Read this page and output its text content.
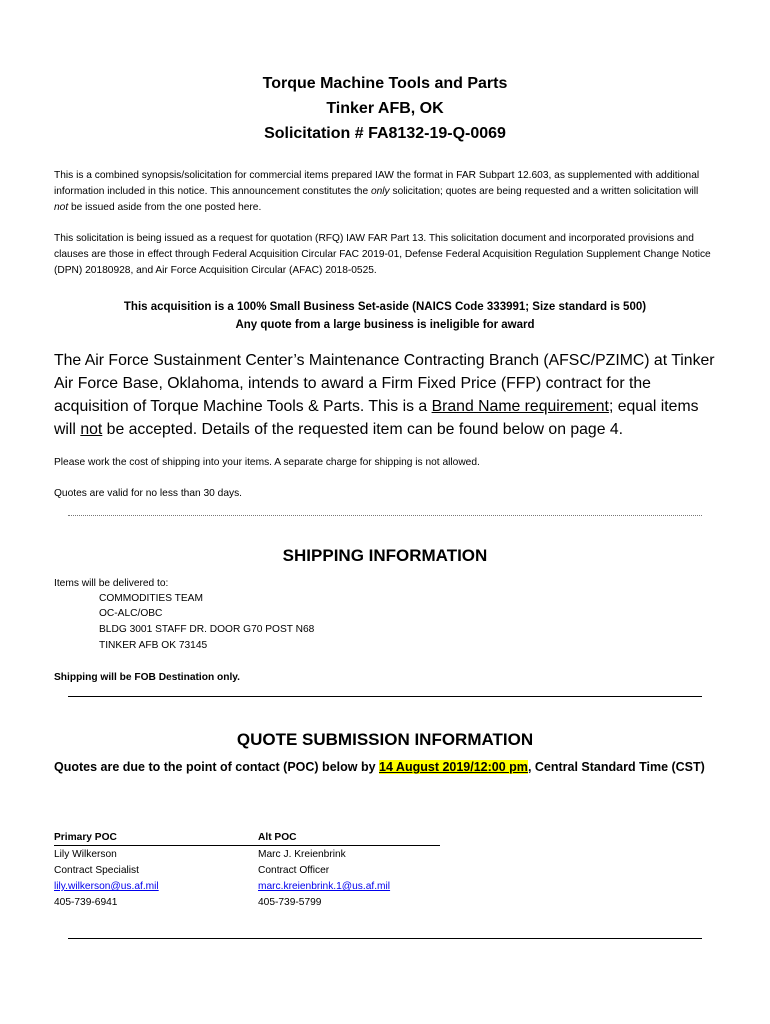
Torque Machine Tools and Parts
Tinker AFB, OK
Solicitation # FA8132-19-Q-0069
This is a combined synopsis/solicitation for commercial items prepared IAW the format in FAR Subpart 12.603, as supplemented with additional information included in this notice. This announcement constitutes the only solicitation; quotes are being requested and a written solicitation will not be issued aside from the one posted here.
This solicitation is being issued as a request for quotation (RFQ) IAW FAR Part 13. This solicitation document and incorporated provisions and clauses are those in effect through Federal Acquisition Circular FAC 2019-01, Defense Federal Acquisition Regulation Supplement Change Notice (DPN) 20180928, and Air Force Acquisition Circular (AFAC) 2018-0525.
This acquisition is a 100% Small Business Set-aside (NAICS Code 333991; Size standard is 500)
Any quote from a large business is ineligible for award
The Air Force Sustainment Center’s Maintenance Contracting Branch (AFSC/PZIMC) at Tinker Air Force Base, Oklahoma, intends to award a Firm Fixed Price (FFP) contract for the acquisition of Torque Machine Tools & Parts. This is a Brand Name requirement; equal items will not be accepted. Details of the requested item can be found below on page 4.
Please work the cost of shipping into your items. A separate charge for shipping is not allowed.
Quotes are valid for no less than 30 days.
SHIPPING INFORMATION
Items will be delivered to:
COMMODITIES TEAM
OC-ALC/OBC
BLDG 3001 STAFF DR. DOOR G70 POST N68
TINKER AFB OK 73145
Shipping will be FOB Destination only.
QUOTE SUBMISSION INFORMATION
Quotes are due to the point of contact (POC) below by 14 August 2019/12:00 pm, Central Standard Time (CST)
Primary POC
Lily Wilkerson
Contract Specialist
lily.wilkerson@us.af.mil
405-739-6941
Alt POC
Marc J. Kreienbrink
Contract Officer
marc.kreienbrink.1@us.af.mil
405-739-5799
